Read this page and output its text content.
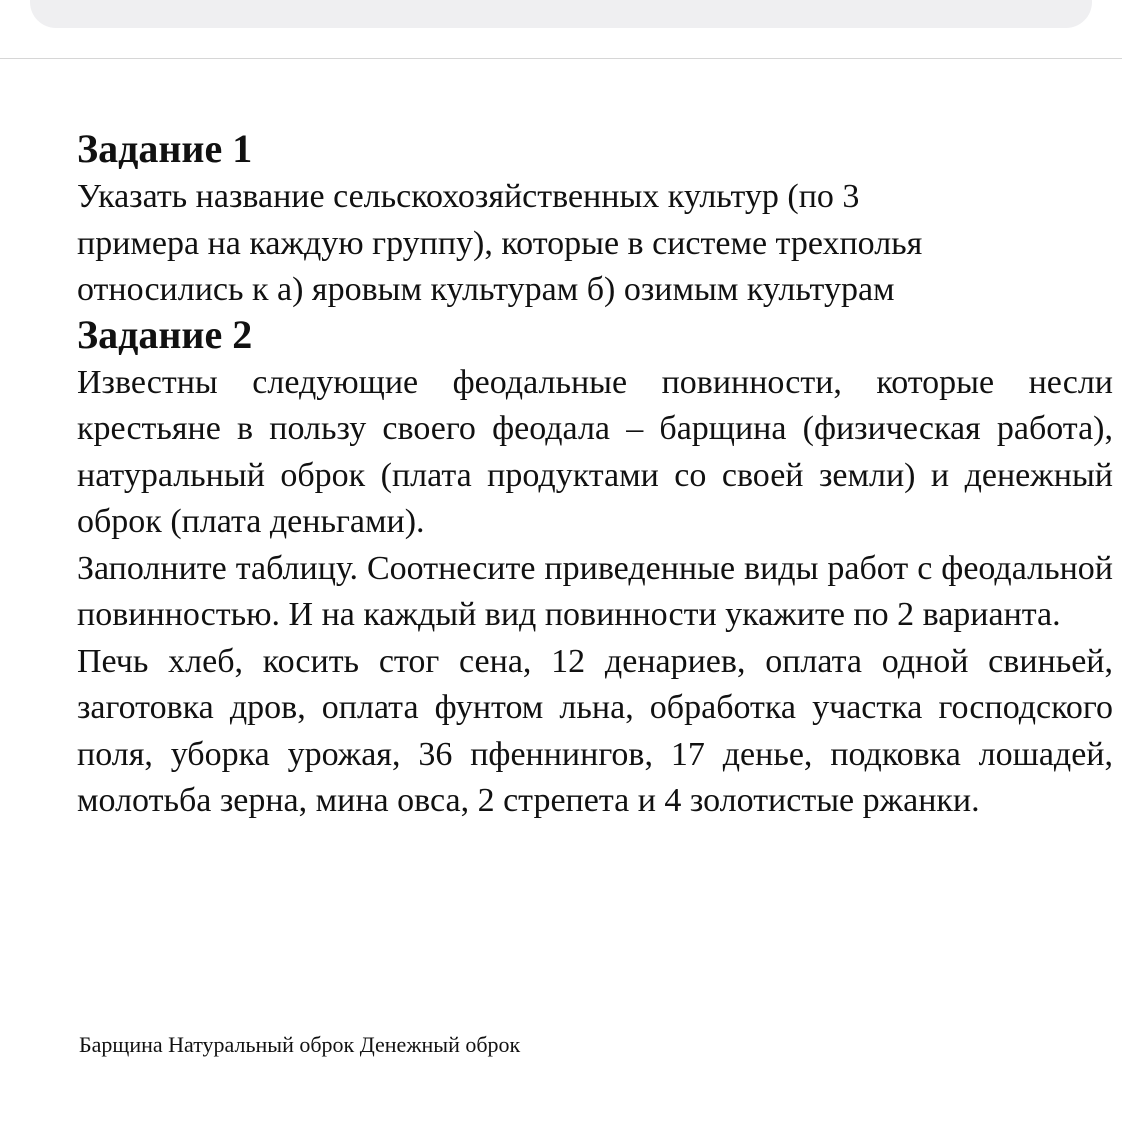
Задание 1

Указать название сельскохозяйственных культур (по 3

примера на каждую группу), которые в системе трехполья

относились к а) яровым культурам б) озимым культурам

Задание 2

Известны следующие феодальные повинности, которые несли крестьяне в пользу своего феодала – барщина (физическая работа), натуральный оброк (плата продуктами со своей земли) и денежный оброк (плата деньгами).

Заполните таблицу. Соотнесите приведенные виды работ с феодальной повинностью. И на каждый вид повинности укажите по 2 варианта.

Печь хлеб, косить стог сена, 12 денариев, оплата одной свиньей, заготовка дров, оплата фунтом льна, обработка участка господского поля, уборка урожая, 36 пфеннингов, 17 денье, подковка лошадей, молотьба зерна, мина овса, 2 стрепета и 4 золотистые ржанки.

Барщина Натуральный оброк Денежный оброк
